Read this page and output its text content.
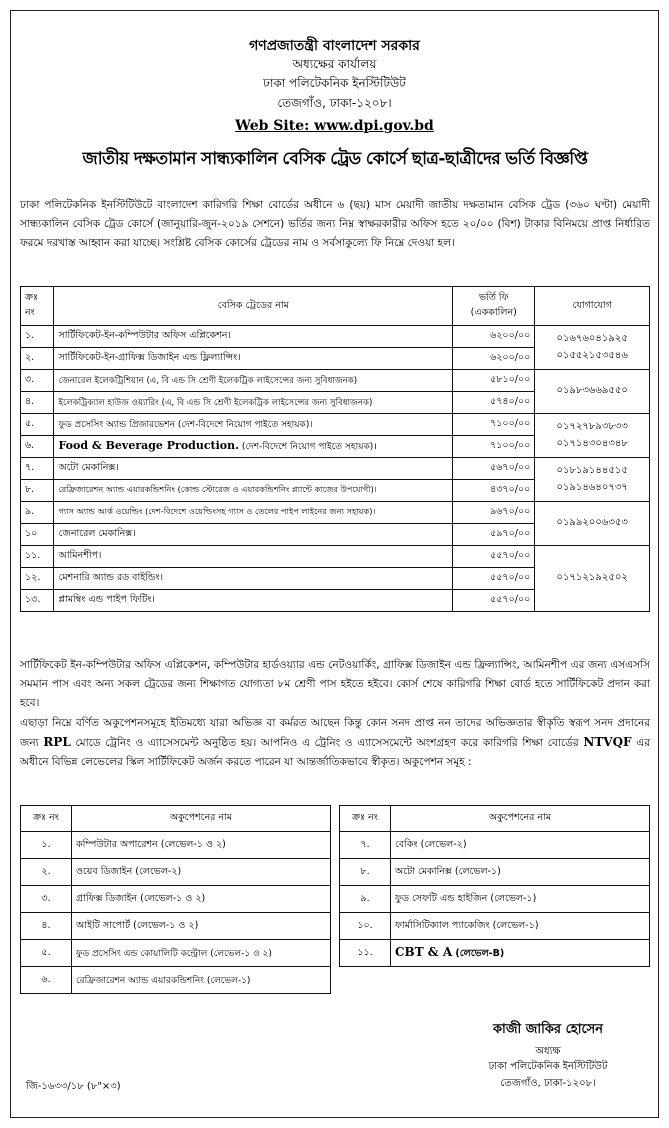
গণপ্রজাতন্ত্রী বাংলাদেশ সরকার
অধ্যক্ষের কার্যালয়
ঢাকা পলিটেকনিক ইনস্টিটিউট
তেজগাঁও, ঢাকা-১২০৮।
Web Site: www.dpi.gov.bd
জাতীয় দক্ষতামান সান্ধ্যকালিন বেসিক ট্রেড কোর্সে ছাত্র-ছাত্রীদের ভর্তি বিজ্ঞপ্তি
ঢাকা পলিটেকনিক ইনস্টিটিউটে বাংলাদেশ কারিগরি শিক্ষা বোর্ডের অধীনে ৬ (ছয়) মাস মেয়াদী জাতীয় দক্ষতামান বেসিক ট্রেড (৩৬০ ঘণ্টা) মেয়াদী সান্ধ্যকালিন বেসিক ট্রেড কোর্সে (জানুয়ারি-জুন-২০১৯ সেশনে) ভর্তির জন্য নিম্ন স্বাক্ষরকারীর অফিস হতে ২০/০০ (বিশ) টাকার বিনিময়ে প্রাপ্ত নির্ধারিত ফরমে দরখাস্ত আহ্বান করা যাচ্ছে। সংশ্লিষ্ট বেসিক কোর্সের ট্রেডের নাম ও সর্বসাকুল্যে ফি নিম্নে দেওয়া হল।
ক্রঃ নং	বেসিক ট্রেডের নাম	ভর্তি ফি (এককালিন)	যোগাযোগ
১.	সার্টিফিকেট-ইন-কম্পিউটার অফিস এপ্লিকেশন।	৬২০০/০০	০১৬৭৬০৪১৯২৫
০১৫৫২১৫৩৫৪৬
২.	সার্টিফিকেট-ইন-গ্রাফিক্স ডিজাইন এন্ড ফ্লিল্যান্সিং।	৬২০০/০০	
৩.	জেনারেল ইলেকট্রিশিয়ান (এ, বি এন্ড সি শ্রেণী ইলেকট্রিক লাইসেন্সের জন্য সুবিধাজনক)	৫৮১০/০০	০১৯৮৩৬৬৯৫৫০
৪.	ইলেকট্রিক্যাল হাউজ ওয়্যারিং (এ, বি এন্ড সি শ্রেণী ইলেকট্রিক লাইসেন্সের জন্য সুবিধাজনক)	৫৭৪০/০০	
৫.	ফুড প্রসেসিং অ্যান্ড প্রিজারভেশন (দেশ-বিদেশে নিয়োগ পাইতে সহায়ক)।	৭১০০/০০	০১৭২৭৮৯৩৮৩৩
০১৭১৪৩০৪৩৪৮
৬.	Food & Beverage Production. (দেশ-বিদেশে নিয়োগ পাইতে সহায়ক)।	৭১০০/০০	
৭.	অটো মেকানিক্স।	৫৬৭০/০০	০১৮১৯১৪৪৫১৫
০১৯১৪৬৪০৭৩৭
৮.	রেফ্রিজারেশন অ্যান্ড এয়ারকন্ডিশনিং (কোল্ড স্টোরেজ ও এয়ারকন্ডিশনিং প্ল্যান্টে কাজের উপযোগী)।	৪৩৭০/০০	
৯.	গ্যাস অ্যান্ড আর্ক ওয়েল্ডিং (দেশ-বিদেশে ওয়েল্ডিংসহ গ্যাস ও তেলের পাইপ লাইনের জন্য সহায়ক)।	৯৬৭০/০০	০১৯৯২০০৬৩৫৩
১০	জেনারেল মেকানিক্স।	৫৯৭০/০০	
১১.	আমিনশীপ।	৫৫৭০/০০	০১৭১২১৯২৫০২
১২.	মেশনারি অ্যান্ড রড বাইন্ডিং।	৫৫৭০/০০	
১৩.	প্লামম্বিং এন্ড পাইপ ফিটিং।	৫৫৭০/০০	
সার্টিফিকেট ইন-কম্পিউটার অফিস এপ্লিকেশন, কম্পিউটার হার্ডওয়্যার এন্ড নেটওয়ার্কিং, গ্রাফিক্স ডিজাইন এন্ড ফ্রিল্যান্সিং, আমিনশীপ এর জন্য এসএসসি সমমান পাস এবং অন্য সকল ট্রেডের জন্য শিক্ষাগত যোগ্যতা ৮ম শ্রেণী পাস হইতে হইবে। কোর্স শেষে কারিগরি শিক্ষা বোর্ড হতে সার্টিফিকেট প্রদান করা হবে।
এছাড়া নিম্নে বর্ণিত অকুপেশনসমূহে ইতিমধ্যে যারা অভিজ্ঞ বা কর্মরত আছেন কিন্তু কোন সনদ প্রাপ্ত নন তাদের অভিজ্ঞতার স্বীকৃতি স্বরূপ সনদ প্রদানের জন্য RPL মোডে ট্রেনিং ও এ্যাসেসমেন্ট অনুষ্ঠিত হয়। আপনিও এ ট্রেনিং ও এ্যাসেসমেন্টে অংশগ্রহণ করে কারিগরি শিক্ষা বোর্ডের NTVQF এর অধীনে বিভিন্ন লেভেলের স্কিল সার্টিফিকেট অর্জন করতে পারেন যা আন্তর্জাতিকভাবে স্বীকৃত। অকুপেশন সমূহ :
ক্রঃ নং	অকুপেশনের নাম		ক্রঃ নং	অকুপেশনের নাম
১.	কম্পিউটার অপারেশন (লেভেল-১ ও ২)		৭.	বেকিং (লেভেল-২)
২.	ওয়েব ডিজাইন (লেভেল-২)		৮.	অটো মেকানিক্স (লেভেল-১)
৩.	গ্রাফিক্স ডিজাইন (লেভেল-১ ও ২)		৯.	ফুড সেফটি এন্ড হাইজিন (লেভেল-১)
৪.	আইটি সাপোর্ট (লেভেল-১ ও ২)		১০.	ফার্মাসিটিক্যাল প্যাকেজিং (লেভেল-১)
৫.	ফুড প্রসেসিং এন্ড কোয়ালিটি কন্ট্রোল (লেভেল-১ ও ২)		১১.	CBT & A (লেভেল-B)
৬.	রেফ্রিজারেশন অ্যান্ড এয়ারকন্ডিশনিং (লেভেল-১)			
কাজী জাকির হোসেন
অধ্যক্ষ
ঢাকা পলিটেকনিক ইনস্টিটিউট
তেজগাঁও, ঢাকা-১২০৮।
জি-১৬৩৩/১৮ (৮"×৩)
